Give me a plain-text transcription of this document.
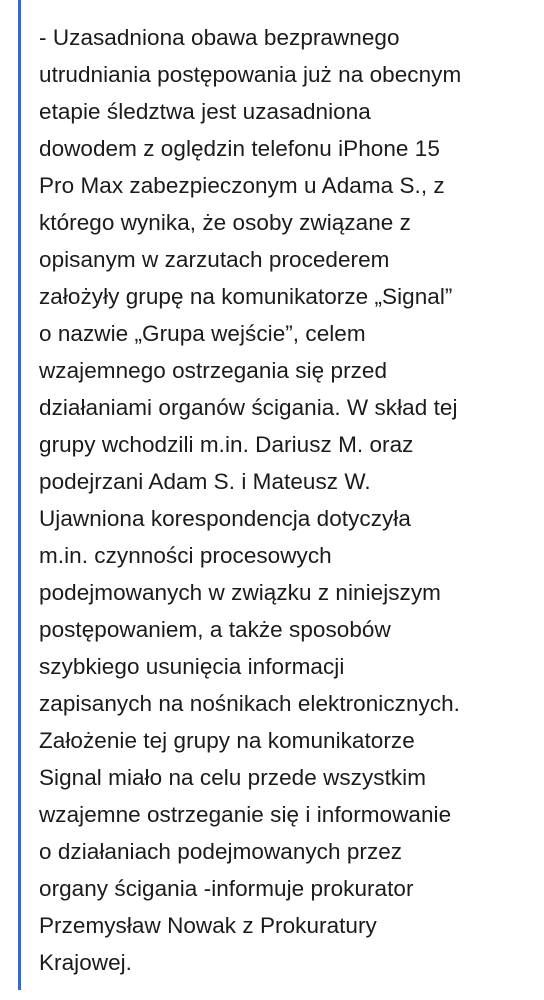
- Uzasadniona obawa bezprawnego
utrudniania postępowania już na obecnym
etapie śledztwa jest uzasadniona
dowodem z oględzin telefonu iPhone 15
Pro Max zabezpieczonym u Adama S., z
którego wynika, że osoby związane z
opisanym w zarzutach procederem
założyły grupę na komunikatorze „Signal”
o nazwie „Grupa wejście”, celem
wzajemnego ostrzegania się przed
działaniami organów ścigania. W skład tej
grupy wchodzili m.in. Dariusz M. oraz
podejrzani Adam S. i Mateusz W.
Ujawniona korespondencja dotyczyła
m.in. czynności procesowych
podejmowanych w związku z niniejszym
postępowaniem, a także sposobów
szybkiego usunięcia informacji
zapisanych na nośnikach elektronicznych.
Założenie tej grupy na komunikatorze
Signal miało na celu przede wszystkim
wzajemne ostrzeganie się i informowanie
o działaniach podejmowanych przez
organy ścigania -informuje prokurator
Przemysław Nowak z Prokuratury
Krajowej.
